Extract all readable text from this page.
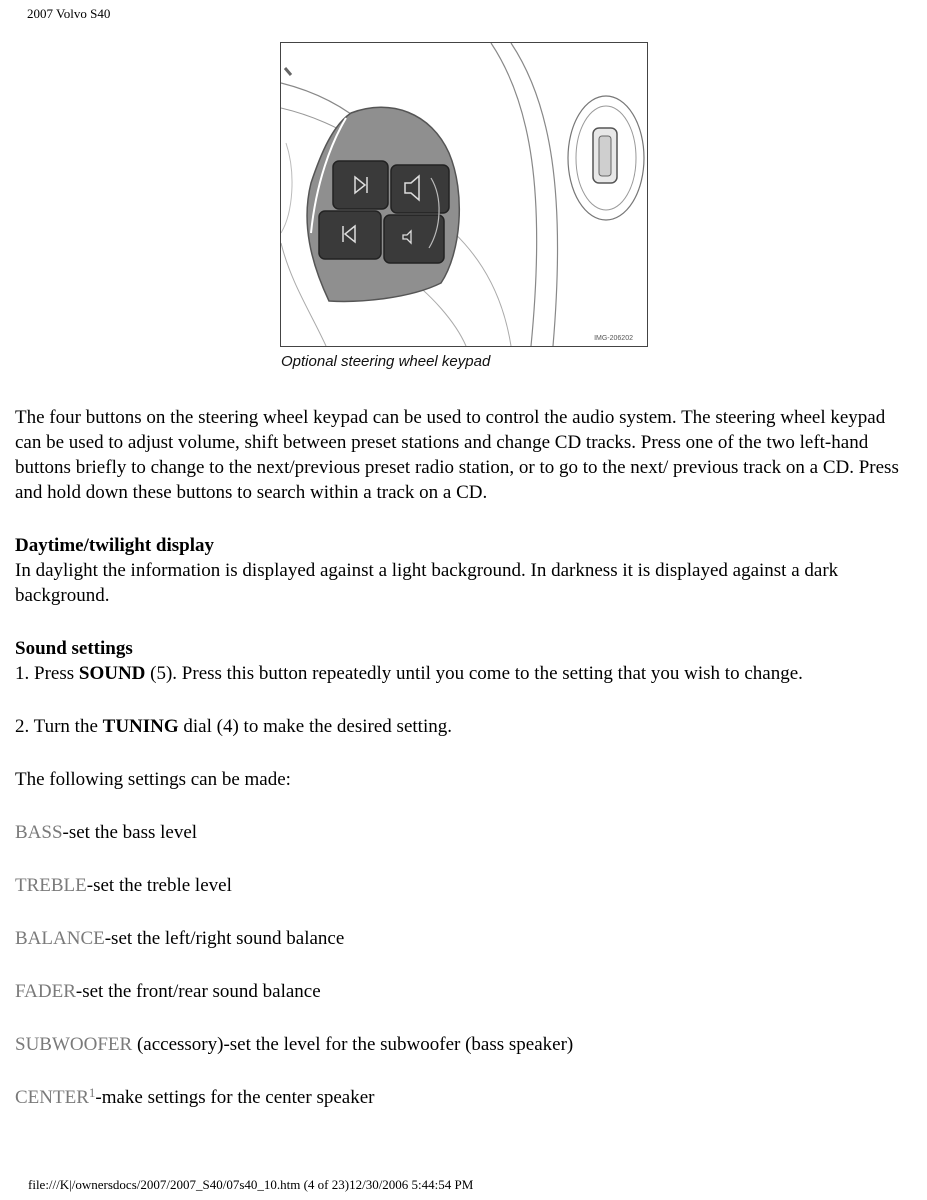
2007 Volvo S40
IMG-206202
Optional steering wheel keypad

The four buttons on the steering wheel keypad can be used to control the audio system. The steering wheel keypad can be used to adjust volume, shift between preset stations and change CD tracks. Press one of the two left-hand buttons briefly to change to the next/previous preset radio station, or to go to the next/ previous track on a CD. Press and hold down these buttons to search within a track on a CD.

Daytime/twilight display

In daylight the information is displayed against a light background. In darkness it is displayed against a dark background.

Sound settings

1. Press SOUND (5). Press this button repeatedly until you come to the setting that you wish to change.

2. Turn the TUNING dial (4) to make the desired setting.

The following settings can be made:

BASS-set the bass level

TREBLE-set the treble level

BALANCE-set the left/right sound balance

FADER-set the front/rear sound balance

SUBWOOFER (accessory)-set the level for the subwoofer (bass speaker)

CENTER$^1$-make settings for the center speaker

file:///K|/ownersdocs/2007/2007_S40/07s40_10.htm (4 of 23)12/30/2006 5:44:54 PM
